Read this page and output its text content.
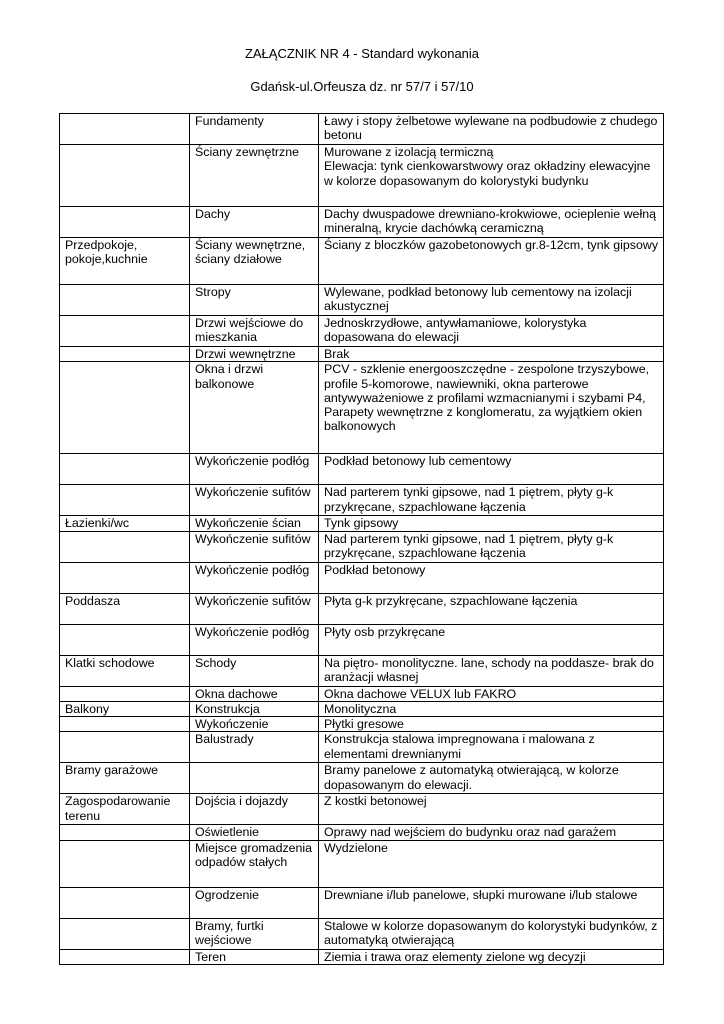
ZAŁĄCZNIK NR 4 - Standard wykonania
Gdańsk-ul.Orfeusza dz. nr 57/7 i 57/10
	Fundamenty	Ławy i stopy żelbetowe wylewane na podbudowie z chudego betonu
	Ściany zewnętrzne	Murowane z izolacją termiczną
Elewacja: tynk cienkowarstwowy oraz okładziny elewacyjne w kolorze dopasowanym do kolorystyki budynku
	Dachy	Dachy dwuspadowe drewniano-krokwiowe, ocieplenie wełną mineralną, krycie dachówką ceramiczną
Przedpokoje, pokoje,kuchnie	Ściany wewnętrzne, ściany działowe	Ściany z bloczków gazobetonowych gr.8-12cm, tynk gipsowy
	Stropy	Wylewane, podkład betonowy lub cementowy na izolacji akustycznej
	Drzwi wejściowe do mieszkania	Jednoskrzydłowe, antywłamaniowe, kolorystyka dopasowana do elewacji
	Drzwi wewnętrzne	Brak
	Okna i drzwi balkonowe	PCV - szklenie energooszczędne - zespolone trzyszybowe, profile 5-komorowe, nawiewniki, okna parterowe antywyważeniowe z profilami wzmacnianymi i szybami P4,
Parapety wewnętrzne z konglomeratu, za wyjątkiem okien balkonowych
	Wykończenie podłóg	Podkład betonowy lub cementowy
	Wykończenie sufitów	Nad parterem tynki gipsowe, nad 1 piętrem, płyty g-k przykręcane, szpachlowane łączenia
Łazienki/wc	Wykończenie ścian	Tynk gipsowy
	Wykończenie sufitów	Nad parterem tynki gipsowe, nad 1 piętrem, płyty g-k przykręcane, szpachlowane łączenia
	Wykończenie podłóg	Podkład betonowy
Poddasza	Wykończenie sufitów	Płyta g-k przykręcane, szpachlowane łączenia
	Wykończenie podłóg	Płyty osb przykręcane
Klatki schodowe	Schody	Na piętro- monolityczne. lane, schody na poddasze- brak do aranżacji własnej
	Okna dachowe	Okna dachowe VELUX lub FAKRO
Balkony	Konstrukcja	Monolityczna
	Wykończenie	Płytki gresowe
	Balustrady	Konstrukcja stalowa impregnowana i malowana z elementami drewnianymi
Bramy garażowe		Bramy panelowe z automatyką otwierającą, w kolorze dopasowanym do elewacji.
Zagospodarowanie terenu	Dojścia i dojazdy	Z kostki betonowej
	Oświetlenie	Oprawy nad wejściem do budynku oraz nad garażem
	Miejsce gromadzenia odpadów stałych	Wydzielone
	Ogrodzenie	Drewniane i/lub panelowe, słupki murowane i/lub stalowe
	Bramy, furtki wejściowe	Stalowe w kolorze dopasowanym do kolorystyki budynków, z automatyką otwierającą
	Teren	Ziemia i trawa oraz elementy zielone wg decyzji
